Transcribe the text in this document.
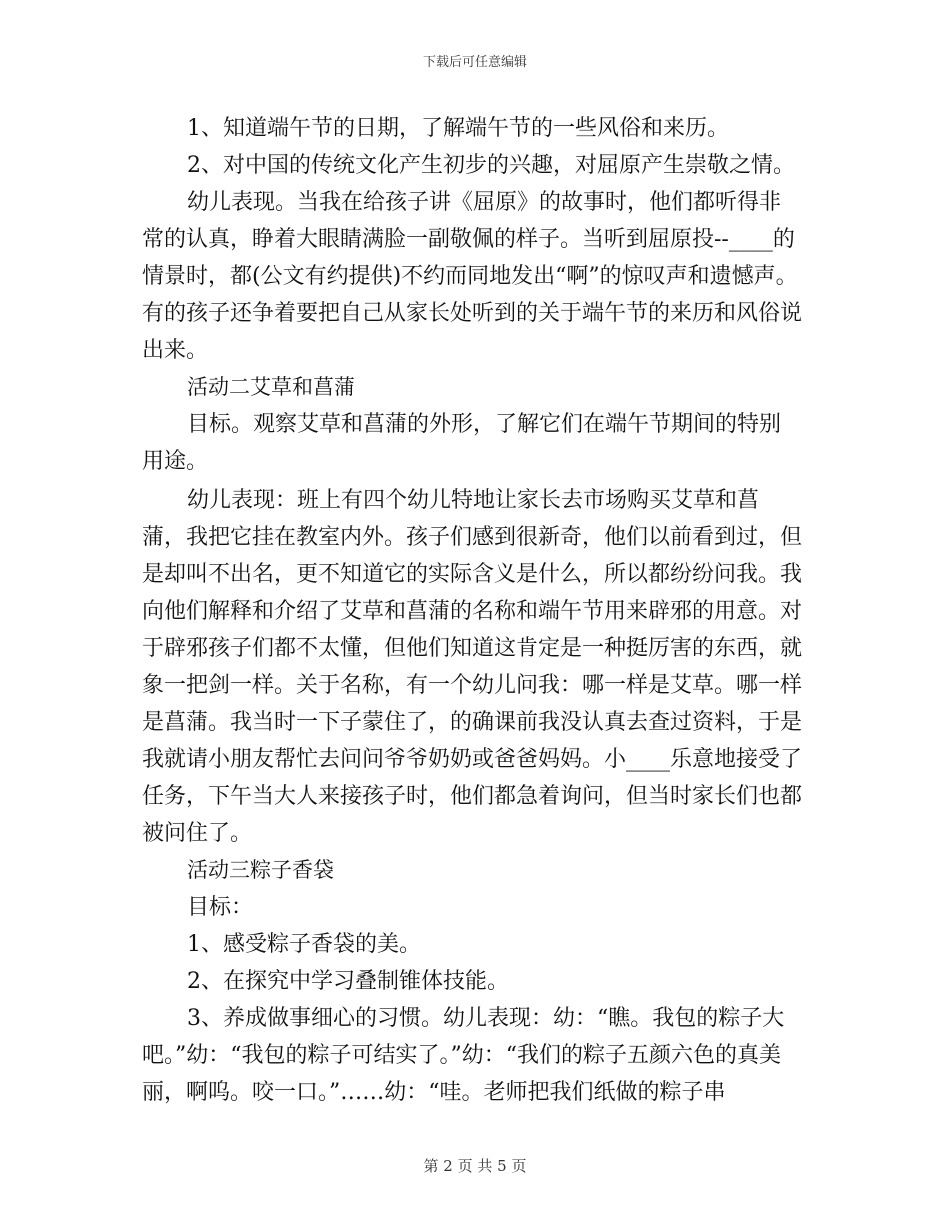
下载后可任意编辑

1、知道端午节的日期，了解端午节的一些风俗和来历。

2、对中国的传统文化产生初步的兴趣，对屈原产生崇敬之情。

幼儿表现。当我在给孩子讲《屈原》的故事时，他们都听得非常的认真，睁着大眼睛满脸一副敬佩的样子。当听到屈原投--____的情景时，都(公文有约提供)不约而同地发出“啊”的惊叹声和遗憾声。有的孩子还争着要把自己从家长处听到的关于端午节的来历和风俗说出来。

活动二艾草和菖蒲

目标。观察艾草和菖蒲的外形，了解它们在端午节期间的特别用途。

幼儿表现：班上有四个幼儿特地让家长去市场购买艾草和菖蒲，我把它挂在教室内外。孩子们感到很新奇，他们以前看到过，但是却叫不出名，更不知道它的实际含义是什么，所以都纷纷问我。我向他们解释和介绍了艾草和菖蒲的名称和端午节用来辟邪的用意。对于辟邪孩子们都不太懂，但他们知道这肯定是一种挺厉害的东西，就象一把剑一样。关于名称，有一个幼儿问我：哪一样是艾草。哪一样是菖蒲。我当时一下子蒙住了，的确课前我没认真去查过资料，于是我就请小朋友帮忙去问问爷爷奶奶或爸爸妈妈。小____乐意地接受了任务，下午当大人来接孩子时，他们都急着询问，但当时家长们也都被问住了。

活动三粽子香袋

目标：

1、感受粽子香袋的美。

2、在探究中学习叠制锥体技能。

3、养成做事细心的习惯。幼儿表现：幼：“瞧。我包的粽子大吧。”幼：“我包的粽子可结实了。”幼：“我们的粽子五颜六色的真美丽，啊呜。咬一口。”……幼：“哇。老师把我们纸做的粽子串

第 2 页 共 5 页
